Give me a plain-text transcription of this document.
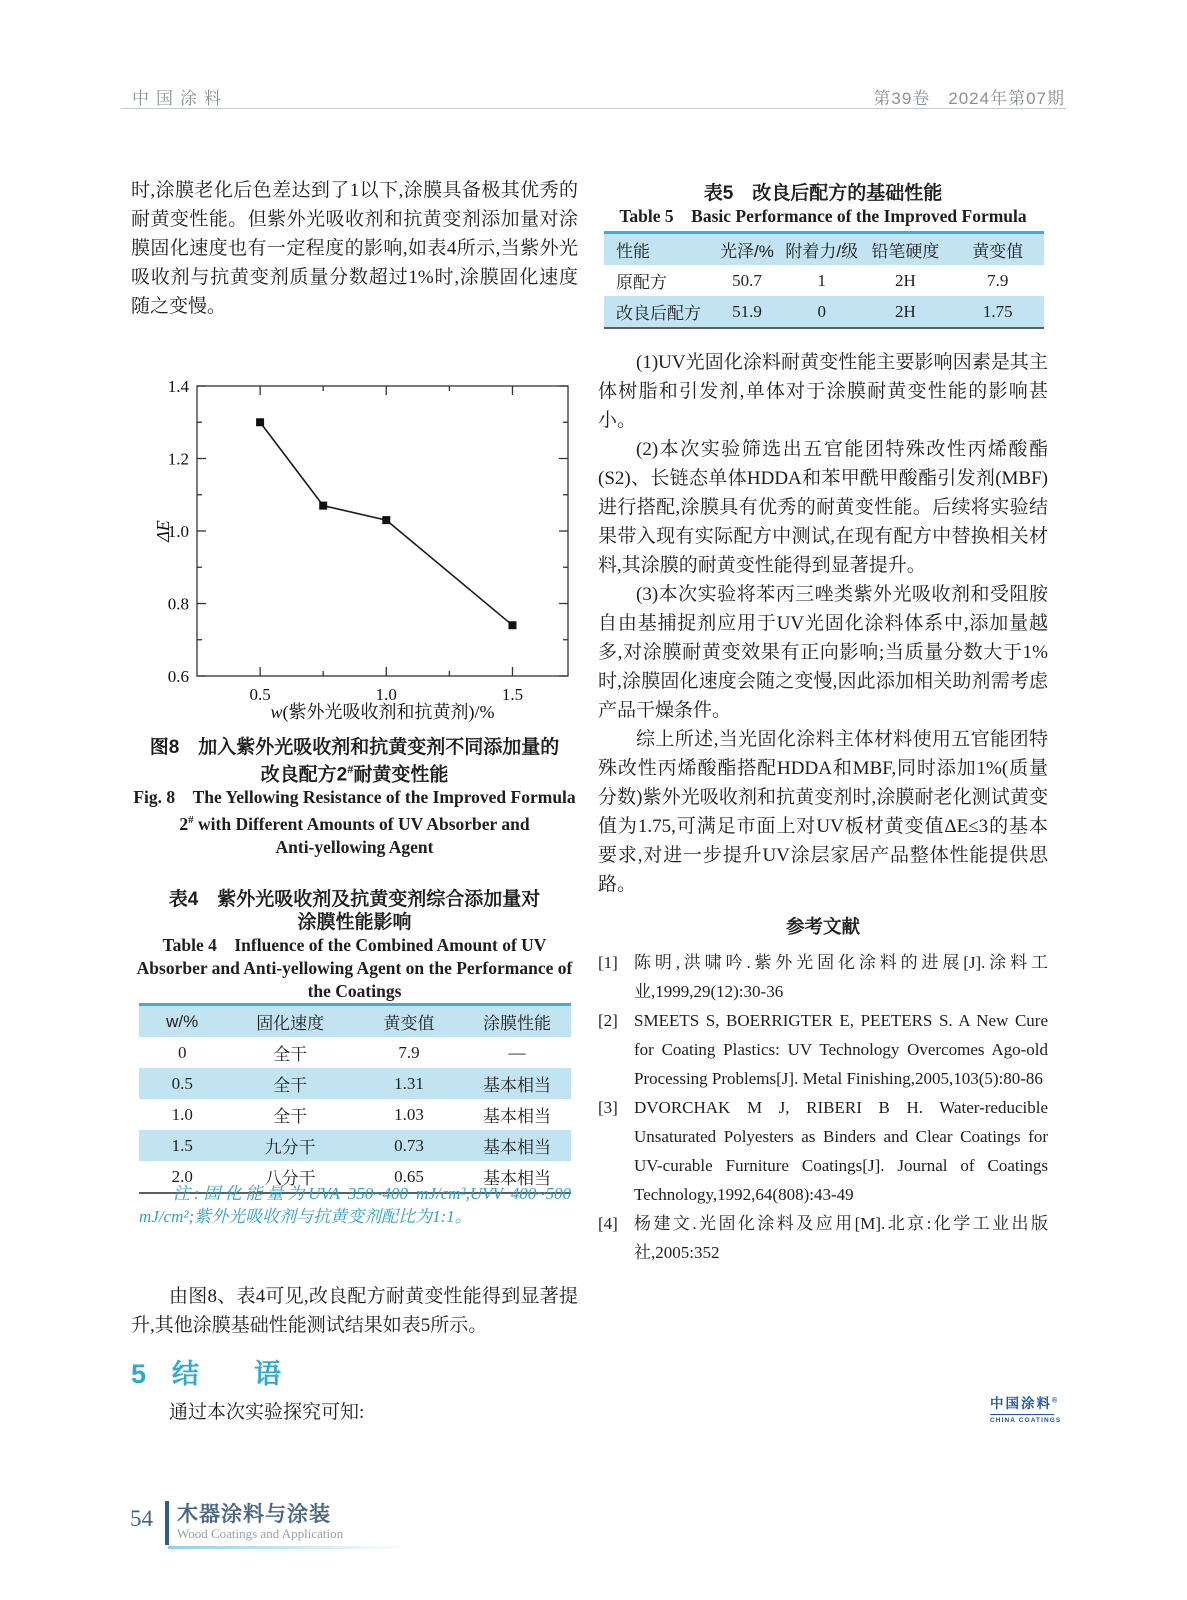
中国涂料	第39卷　2024年第07期
时,涂膜老化后色差达到了1以下,涂膜具备极其优秀的耐黄变性能。但紫外光吸收剂和抗黄变剂添加量对涂膜固化速度也有一定程度的影响,如表4所示,当紫外光吸收剂与抗黄变剂质量分数超过1%时,涂膜固化速度随之变慢。
0.5	1.0	1.5
0.6
0.8
1.0
1.2
1.4
ΔE
w(紫外光吸收剂和抗黄剂)/%
图8　加入紫外光吸收剂和抗黄变剂不同添加量的
改良配方2#耐黄变性能
Fig. 8　The Yellowing Resistance of the Improved Formula
2# with Different Amounts of UV Absorber and
Anti-yellowing Agent
表4　紫外光吸收剂及抗黄变剂综合添加量对
涂膜性能影响
Table 4　Influence of the Combined Amount of UV
Absorber and Anti-yellowing Agent on the Performance of
the Coatings
w/%	固化速度	黄变值	涂膜性能
0	全干	7.9	—
0.5	全干	1.31	基本相当
1.0	全干	1.03	基本相当
1.5	九分干	0.73	基本相当
2.0	八分干	0.65	基本相当
注:固化能量为UVA 350~400 mJ/cm²,UVV 400~500 mJ/cm²;紫外光吸收剂与抗黄变剂配比为1:1。
由图8、表4可见,改良配方耐黄变性能得到显著提升,其他涂膜基础性能测试结果如表5所示。
5 结　语
通过本次实验探究可知:
表5　改良后配方的基础性能
Table 5　Basic Performance of the Improved Formula
性能	光泽/%	附着力/级	铅笔硬度	黄变值
原配方	50.7	1	2H	7.9
改良后配方	51.9	0	2H	1.75
(1)UV光固化涂料耐黄变性能主要影响因素是其主体树脂和引发剂,单体对于涂膜耐黄变性能的影响甚小。
(2)本次实验筛选出五官能团特殊改性丙烯酸酯(S2)、长链态单体HDDA和苯甲酰甲酸酯引发剂(MBF)进行搭配,涂膜具有优秀的耐黄变性能。后续将实验结果带入现有实际配方中测试,在现有配方中替换相关材料,其涂膜的耐黄变性能得到显著提升。
(3)本次实验将苯丙三唑类紫外光吸收剂和受阻胺自由基捕捉剂应用于UV光固化涂料体系中,添加量越多,对涂膜耐黄变效果有正向影响;当质量分数大于1%时,涂膜固化速度会随之变慢,因此添加相关助剂需考虑产品干燥条件。
综上所述,当光固化涂料主体材料使用五官能团特殊改性丙烯酸酯搭配HDDA和MBF,同时添加1%(质量分数)紫外光吸收剂和抗黄变剂时,涂膜耐老化测试黄变值为1.75,可满足市面上对UV板材黄变值ΔE≤3的基本要求,对进一步提升UV涂层家居产品整体性能提供思路。
参考文献
[1] 陈明,洪啸吟.紫外光固化涂料的进展[J].涂料工业,1999,29(12):30-36
[2] SMEETS S, BOERRIGTER E, PEETERS S. A New Cure for Coating Plastics: UV Technology Overcomes Ago-old Processing Problems[J]. Metal Finishing,2005,103(5):80-86
[3] DVORCHAK M J, RIBERI B H. Water-reducible Unsaturated Polyesters as Binders and Clear Coatings for UV-curable Furniture Coatings[J]. Journal of Coatings Technology,1992,64(808):43-49
[4] 杨建文.光固化涂料及应用[M].北京:化学工业出版社,2005:352
中国涂料®
CHINA COATINGS
54 木器涂料与涂装
Wood Coatings and Application
